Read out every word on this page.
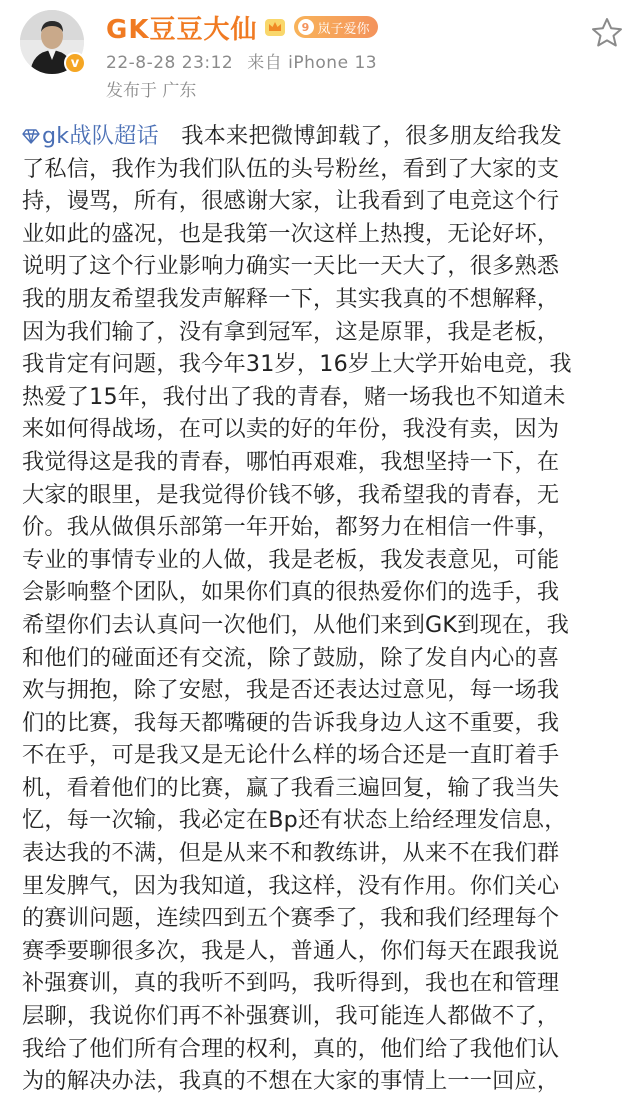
v
GK豆豆大仙	9 岚子爱你
22-8-28 23:12 来自 iPhone 13
发布于 广东
gk战队超话　 我本来把微博卸载了，很多朋友给我发
了私信，我作为我们队伍的头号粉丝，看到了大家的支
持，谩骂，所有，很感谢大家，让我看到了电竞这个行
业如此的盛况，也是我第一次这样上热搜，无论好坏，
说明了这个行业影响力确实一天比一天大了，很多熟悉
我的朋友希望我发声解释一下，其实我真的不想解释，
因为我们输了，没有拿到冠军，这是原罪，我是老板，
我肯定有问题，我今年31岁，16岁上大学开始电竞，我
热爱了15年，我付出了我的青春，赌一场我也不知道未
来如何得战场，在可以卖的好的年份，我没有卖，因为
我觉得这是我的青春，哪怕再艰难，我想坚持一下，在
大家的眼里，是我觉得价钱不够，我希望我的青春，无
价。我从做俱乐部第一年开始，都努力在相信一件事，
专业的事情专业的人做，我是老板，我发表意见，可能
会影响整个团队，如果你们真的很热爱你们的选手，我
希望你们去认真问一次他们，从他们来到GK到现在，我
和他们的碰面还有交流，除了鼓励，除了发自内心的喜
欢与拥抱，除了安慰，我是否还表达过意见，每一场我
们的比赛，我每天都嘴硬的告诉我身边人这不重要，我
不在乎，可是我又是无论什么样的场合还是一直盯着手
机，看着他们的比赛，赢了我看三遍回复，输了我当失
忆，每一次输，我必定在Bp还有状态上给经理发信息，
表达我的不满，但是从来不和教练讲，从来不在我们群
里发脾气，因为我知道，我这样，没有作用。你们关心
的赛训问题，连续四到五个赛季了，我和我们经理每个
赛季要聊很多次，我是人，普通人，你们每天在跟我说
补强赛训，真的我听不到吗，我听得到，我也在和管理
层聊，我说你们再不补强赛训，我可能连人都做不了，
我给了他们所有合理的权利，真的，他们给了我他们认
为的解决办法，我真的不想在大家的事情上一一回应，
